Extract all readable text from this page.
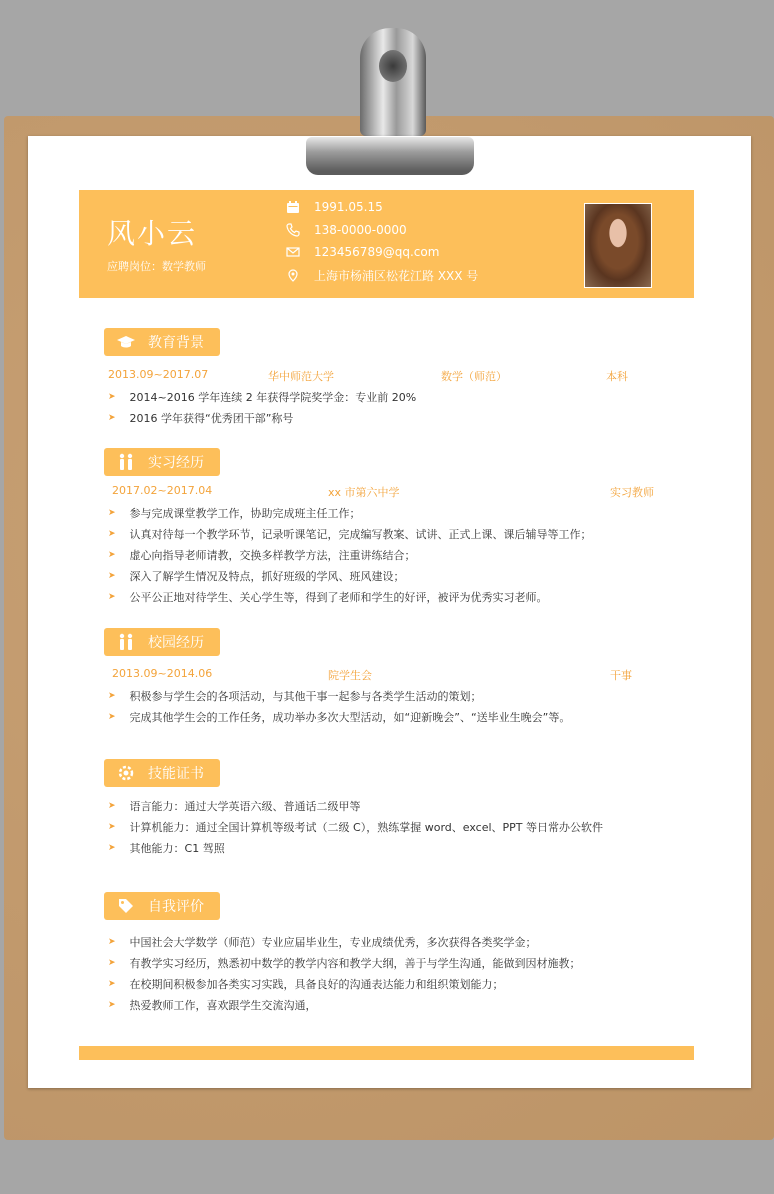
风小云
应聘岗位：数学教师
1991.05.15
138-0000-0000
123456789@qq.com
上海市杨浦区松花江路 XXX 号
教育背景
2013.09~2017.07	华中师范大学	数学（师范）	本科
➤ 2014~2016 学年连续 2 年获得学院奖学金：专业前 20%
➤ 2016 学年获得“优秀团干部”称号
实习经历
2017.02~2017.04	xx 市第六中学	实习教师
➤ 参与完成课堂教学工作，协助完成班主任工作；
➤ 认真对待每一个教学环节，记录听课笔记，完成编写教案、试讲、正式上课、课后辅导等工作；
➤ 虚心向指导老师请教，交换多样教学方法，注重讲练结合；
➤ 深入了解学生情况及特点，抓好班级的学风、班风建设；
➤ 公平公正地对待学生、关心学生等，得到了老师和学生的好评，被评为优秀实习老师。
校园经历
2013.09~2014.06	院学生会	干事
➤ 积极参与学生会的各项活动，与其他干事一起参与各类学生活动的策划；
➤ 完成其他学生会的工作任务，成功举办多次大型活动，如“迎新晚会”、“送毕业生晚会”等。
技能证书
➤ 语言能力：通过大学英语六级、普通话二级甲等
➤ 计算机能力：通过全国计算机等级考试（二级 C），熟练掌握 word、excel、PPT 等日常办公软件
➤ 其他能力：C1 驾照
自我评价
➤ 中国社会大学数学（师范）专业应届毕业生，专业成绩优秀，多次获得各类奖学金；
➤ 有教学实习经历，熟悉初中数学的教学内容和教学大纲，善于与学生沟通，能做到因材施教；
➤ 在校期间积极参加各类实习实践，具备良好的沟通表达能力和组织策划能力；
➤ 热爱教师工作，喜欢跟学生交流沟通，
